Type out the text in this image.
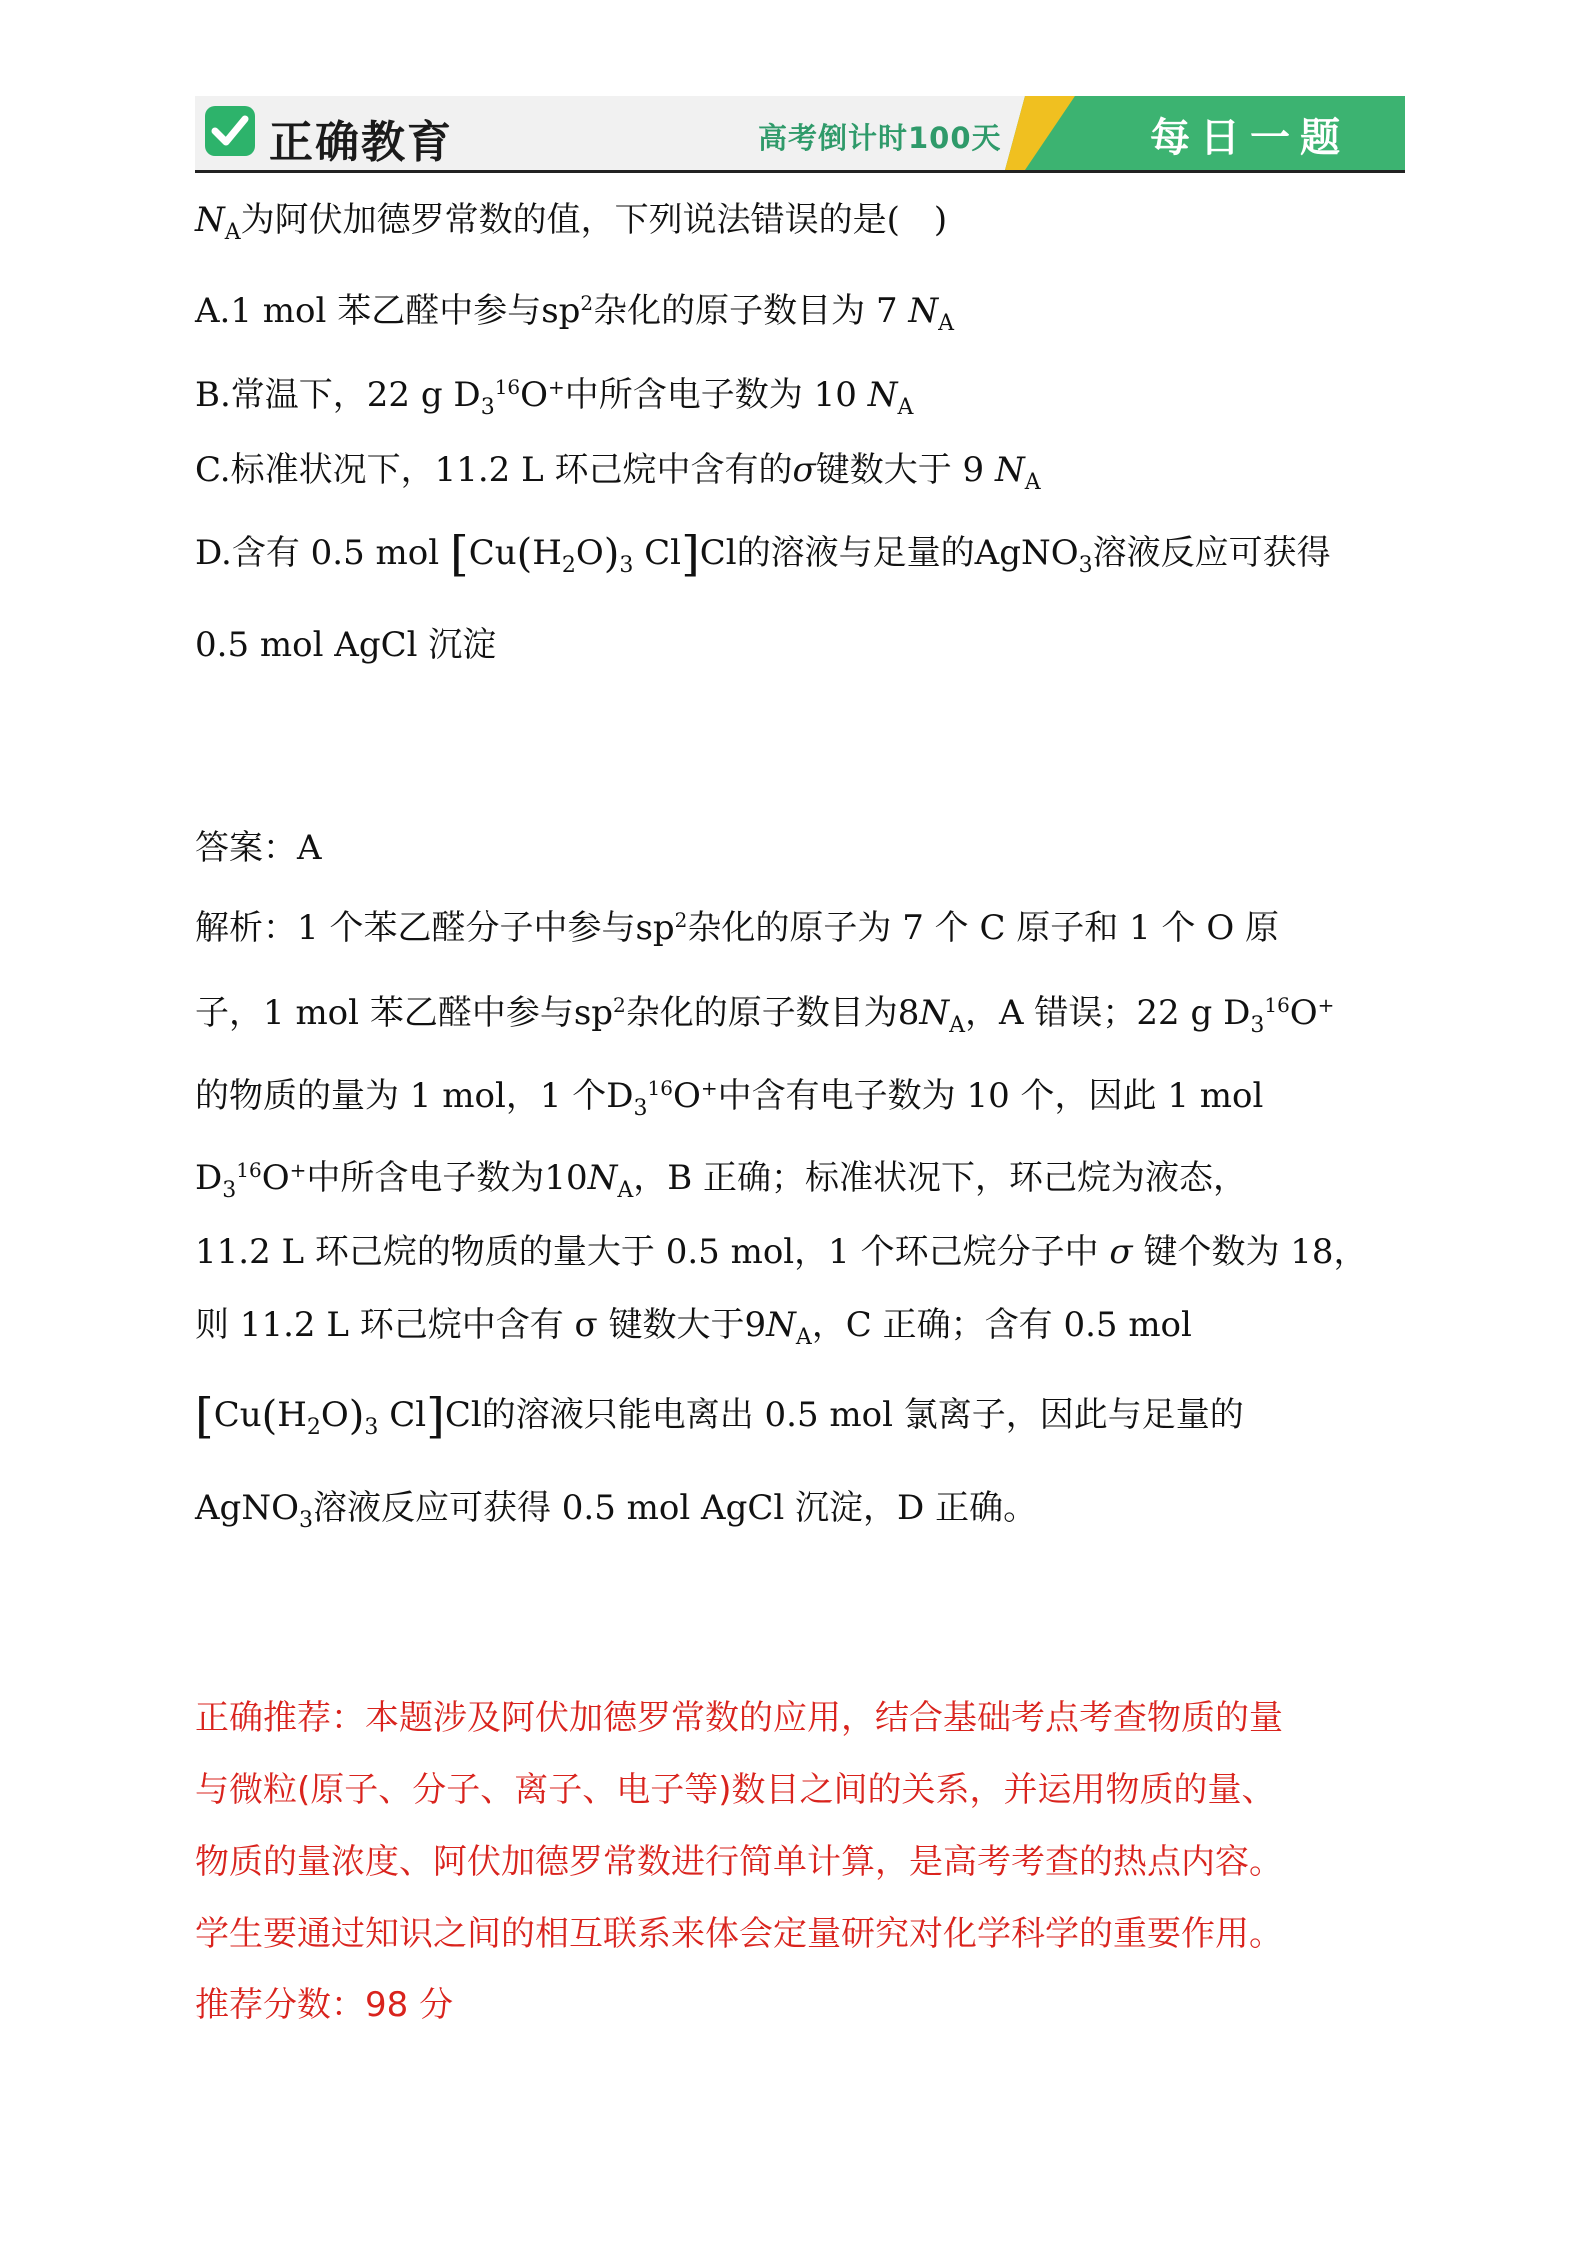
正确教育	高考倒计时100天	每日一题
$N_A$为阿伏加德罗常数的值，下列说法错误的是(　)
A.1 mol 苯乙醛中参与$sp^2$杂化的原子数目为 7 $N_A$
B.常温下，22 g $D_3^{16}O^+$中所含电子数为 10 $N_A$
C.标准状况下，11.2 L 环己烷中含有的σ键数大于 9 $N_A$
D.含有 0.5 mol [$Cu(H_2O)_3$ Cl]Cl的溶液与足量的AgNO$_3$溶液反应可获得
0.5 mol AgCl 沉淀
答案：A
解析：1 个苯乙醛分子中参与$sp^2$杂化的原子为 7 个 C 原子和 1 个 O 原
子，1 mol 苯乙醛中参与$sp^2$杂化的原子数目为$8N_A$，A 错误；22 g $D_3^{16}O^+$
的物质的量为 1 mol，1 个$D_3^{16}O^+$中含有电子数为 10 个，因此 1 mol
$D_3^{16}O^+$中所含电子数为$10N_A$，B 正确；标准状况下，环己烷为液态，
11.2 L 环己烷的物质的量大于 0.5 mol，1 个环己烷分子中 σ 键个数为 18，
则 11.2 L 环己烷中含有 σ 键数大于$9N_A$，C 正确；含有 0.5 mol
[$Cu(H_2O)_3$ Cl]Cl的溶液只能电离出 0.5 mol 氯离子，因此与足量的
AgNO$_3$溶液反应可获得 0.5 mol AgCl 沉淀，D 正确。
正确推荐：本题涉及阿伏加德罗常数的应用，结合基础考点考查物质的量
与微粒(原子、分子、离子、电子等)数目之间的关系，并运用物质的量、
物质的量浓度、阿伏加德罗常数进行简单计算，是高考考查的热点内容。
学生要通过知识之间的相互联系来体会定量研究对化学科学的重要作用。
推荐分数：98 分
